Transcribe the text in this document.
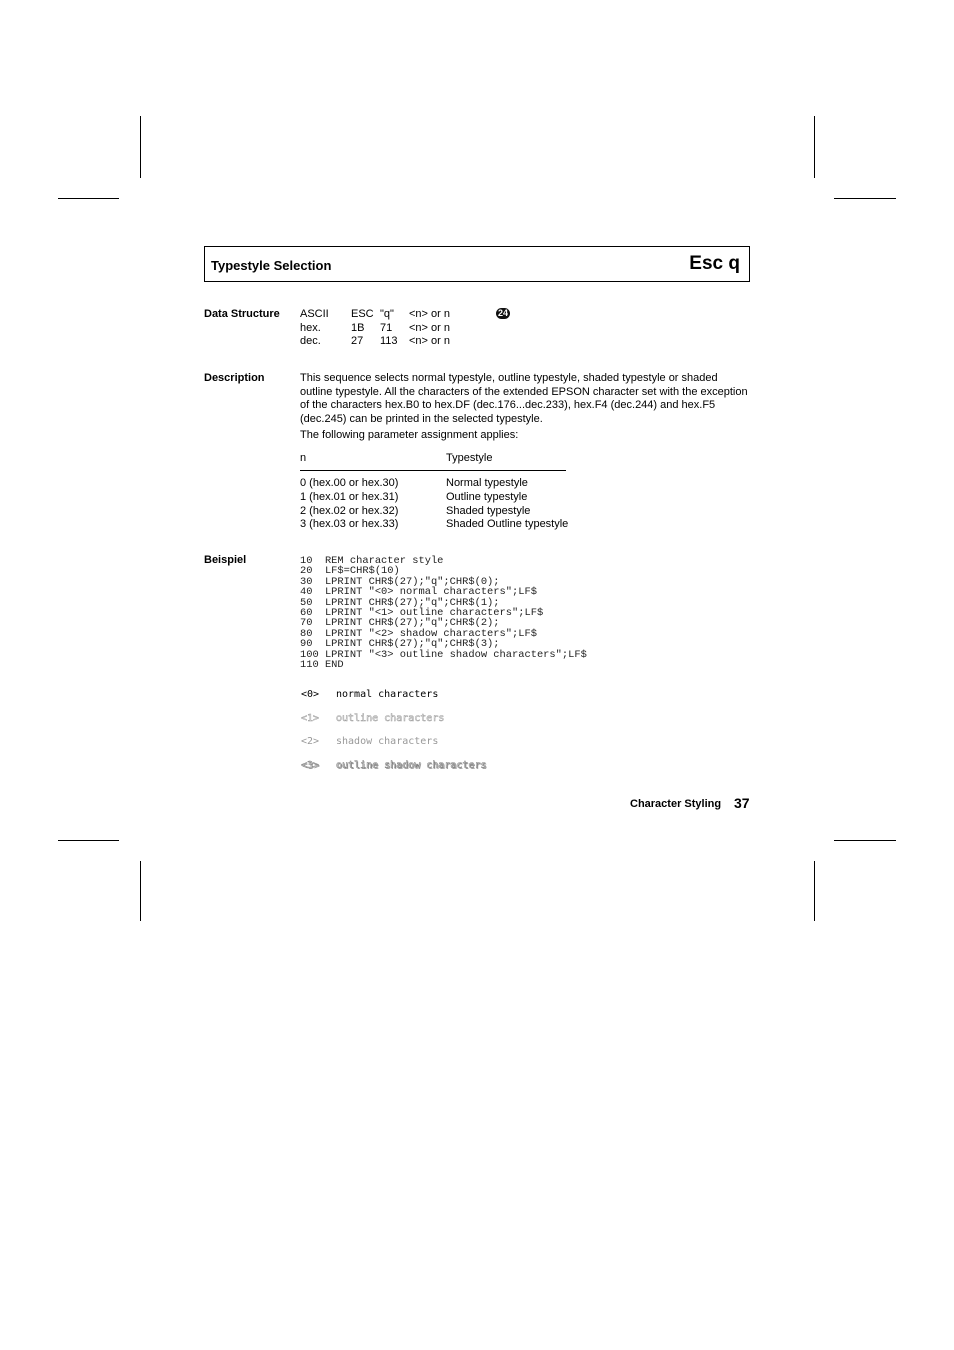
Typestyle Selection	Esc q
Data Structure ASCII ESC "q" <n> or n
hex.	1B 71 <n> or n
dec.	27 113 <n> or n
24
Description	This sequence selects normal typestyle, outline typestyle, shaded typestyle or shaded outline typestyle. All the characters of the extended EPSON character set with the exception of the characters hex.B0 to hex.DF (dec.176...dec.233), hex.F4 (dec.244) and hex.F5 (dec.245) can be printed in the selected typestyle.
The following parameter assignment applies:
n	Typestyle
0 (hex.00 or hex.30)	Normal typestyle
1 (hex.01 or hex.31)	Outline typestyle
2 (hex.02 or hex.32)	Shaded typestyle
3 (hex.03 or hex.33)	Shaded Outline typestyle
Beispiel	10  REM character style
20  LF$=CHR$(10)
30  LPRINT CHR$(27);"q";CHR$(0);
40  LPRINT "<0> normal characters";LF$
50  LPRINT CHR$(27);"q";CHR$(1);
60  LPRINT "<1> outline characters";LF$
70  LPRINT CHR$(27);"q";CHR$(2);
80  LPRINT "<2> shadow characters";LF$
90  LPRINT CHR$(27);"q";CHR$(3);
100 LPRINT "<3> outline shadow characters";LF$
110 END
<0> normal characters
<1> outline characters
<2> shadow characters
<3> outline shadow characters
Character Styling 37
